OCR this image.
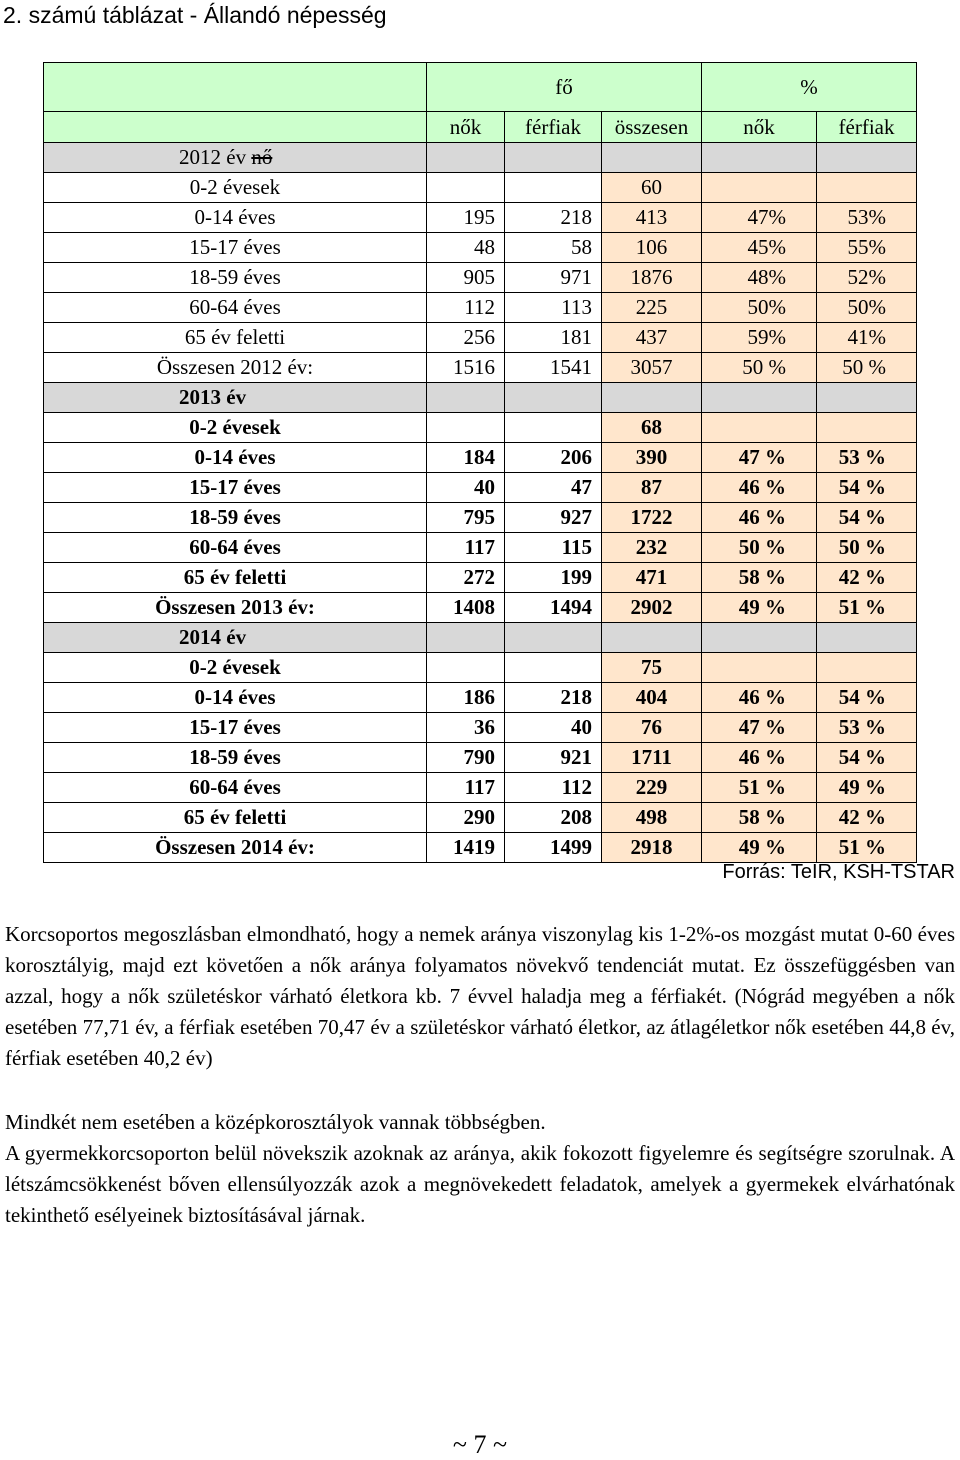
2. számú táblázat - Állandó népesség
	fő			%	
	nők	férfiak	összesen	nők	férfiak
2012 év nő					
0-2 évesek			60		
0-14 éves	195	218	413	47%	53%
15-17 éves	48	58	106	45%	55%
18-59 éves	905	971	1876	48%	52%
60-64 éves	112	113	225	50%	50%
65 év feletti	256	181	437	59%	41%
Összesen 2012 év:	1516	1541	3057	50 %	50 %
2013 év					
0-2 évesek			68		
0-14 éves	184	206	390	47 %	53 %
15-17 éves	40	47	87	46 %	54 %
18-59 éves	795	927	1722	46 %	54 %
60-64 éves	117	115	232	50 %	50 %
65 év feletti	272	199	471	58 %	42 %
Összesen 2013 év:	1408	1494	2902	49 %	51 %
2014 év					
0-2 évesek			75		
0-14 éves	186	218	404	46 %	54 %
15-17 éves	36	40	76	47 %	53 %
18-59 éves	790	921	1711	46 %	54 %
60-64 éves	117	112	229	51 %	49 %
65 év feletti	290	208	498	58 %	42 %
Összesen 2014 év:	1419	1499	2918	49 %	51 %
Forrás: TeIR, KSH-TSTAR
Korcsoportos megoszlásban elmondható, hogy a nemek aránya viszonylag kis 1-2%-os mozgást mutat 0-60 éves korosztályig, majd ezt követően a nők aránya folyamatos növekvő tendenciát mutat. Ez összefüggésben van azzal, hogy a nők születéskor várható életkora kb. 7 évvel haladja meg a férfiakét. (Nógrád megyében a nők esetében 77,71 év, a férfiak esetében 70,47 év a születéskor várható életkor, az átlagéletkor nők esetében 44,8 év, férfiak esetében 40,2 év)
Mindkét nem esetében a középkorosztályok vannak többségben.
A gyermekkorcsoporton belül növekszik azoknak az aránya, akik fokozott figyelemre és segítségre szorulnak. A létszámcsökkenést bőven ellensúlyozzák azok a megnövekedett feladatok, amelyek a gyermekek elvárhatónak tekinthető esélyeinek biztosításával járnak.
~ 7 ~
